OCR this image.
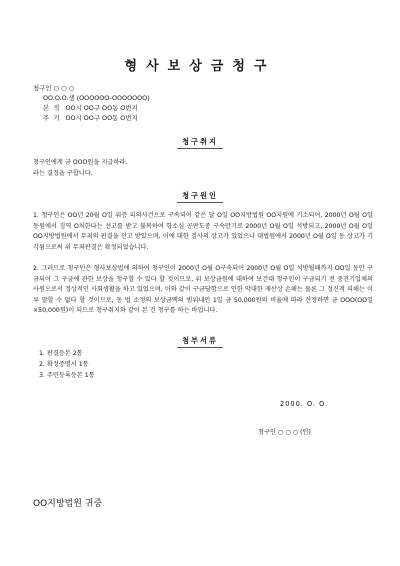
형사보상금청구
청구인 ○ ○ ○
OO.O.O.생 (OOOOOO-OOOOOOO)
본  적   OO시 OO구 OO동 O번지
주  거   OO시 OO구 OO동 O번지
청구취지
청구인에게 금 OOO원을 지급하라.
라는 결정을 구합니다.
청구원인
1. 청구인은 OO년 20월 O일 위증 피의사건으로 구속되어 같은 달 O일 OO지방법원 OO지원에 기소되어, 2000년 O월 O일 동원에서 징역 O처한다는 선고를 받고 불복하여 항소심 공판도중 구속만기로 2000년 O월 O일 석방되고, 2000년 O월 O일 OO지방법원에서 무죄의 판결을 선고 받았으며, 이에 대한 검사의 상고가 있었으나 대법원에서 2000년 O월 O일 동 상고가 기각됨으로써 위 무죄판결은 확정되었습니다.
2. 그러므로 청구인은 형사보상법에 의하여 청구인이 2000년 O월 O구속되어 2000년 O월 O일 석방될때까지 OO일 동안 구금되어 그 구금에 관한 보상을 청구할 수 있다 할 것이므로, 위 보상금원에 대하여 보건대 청구인이 구금되기 전 중견기업체의 사원으로서 정상적인 사회생활을 하고 있었으며, 이와 같이 구금당함으로 인한 막대한 재산상 손해는 물론 그 정신적 피해는 이루 말할 수 없다 할 것이므로, 동 법 소정의 보상금액의 범위내인 1일 금 50,000원의 비율에 따라 산정하면 금 OOO(OO일×50,000원)이 되므로 청구취지와 같이 본 건 청구를 하는 바입니다.
첨부서류
1. 판결등본 2통
2. 확정증명서 1통
3. 주민등록등본 1통
2000. O. O.
청구인 ○ ○ ○ (인)
OO지방법원 귀중
